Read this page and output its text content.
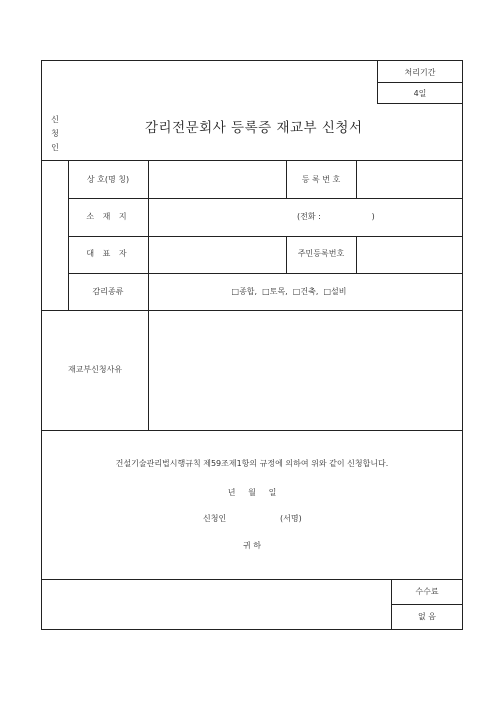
처리기간
4일
감리전문회사 등록증 재교부 신청서
신
청
인
상 호(명 칭)	등 록 번 호
소 재 지	(전화 :                    )
대 표 자	주민등록번호
감리종류	□종합,  □토목,  □건축,  □설비
재교부신청사유
건설기술관리법시행규칙 제59조제1항의 규정에 의하여 위와 같이 신청합니다.
년     월     일
신청인	(서명)
귀 하
수수료
없 음
